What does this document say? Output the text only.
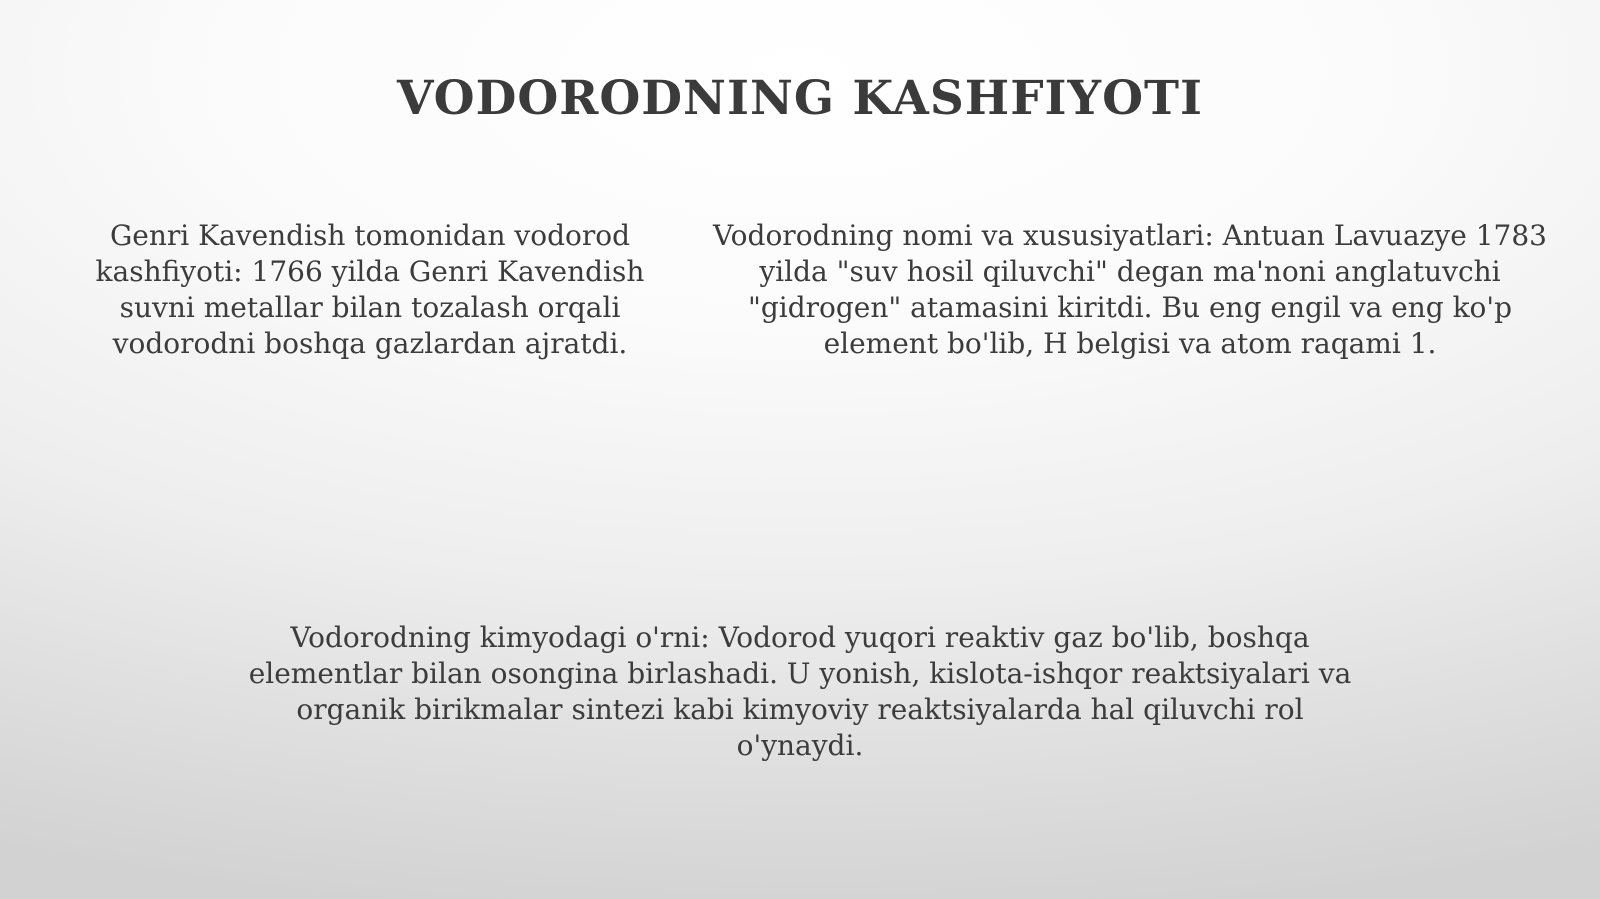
VODORODNING KASHFIYOTI
Genri Kavendish tomonidan vodorod kashfiyoti: 1766 yilda Genri Kavendish suvni metallar bilan tozalash orqali vodorodni boshqa gazlardan ajratdi.
Vodorodning nomi va xususiyatlari: Antuan Lavuazye 1783 yilda "suv hosil qiluvchi" degan ma'noni anglatuvchi "gidrogen" atamasini kiritdi. Bu eng engil va eng ko'p element bo'lib, H belgisi va atom raqami 1.
Vodorodning kimyodagi o'rni: Vodorod yuqori reaktiv gaz bo'lib, boshqa elementlar bilan osongina birlashadi. U yonish, kislota-ishqor reaktsiyalari va organik birikmalar sintezi kabi kimyoviy reaktsiyalarda hal qiluvchi rol o'ynaydi.
